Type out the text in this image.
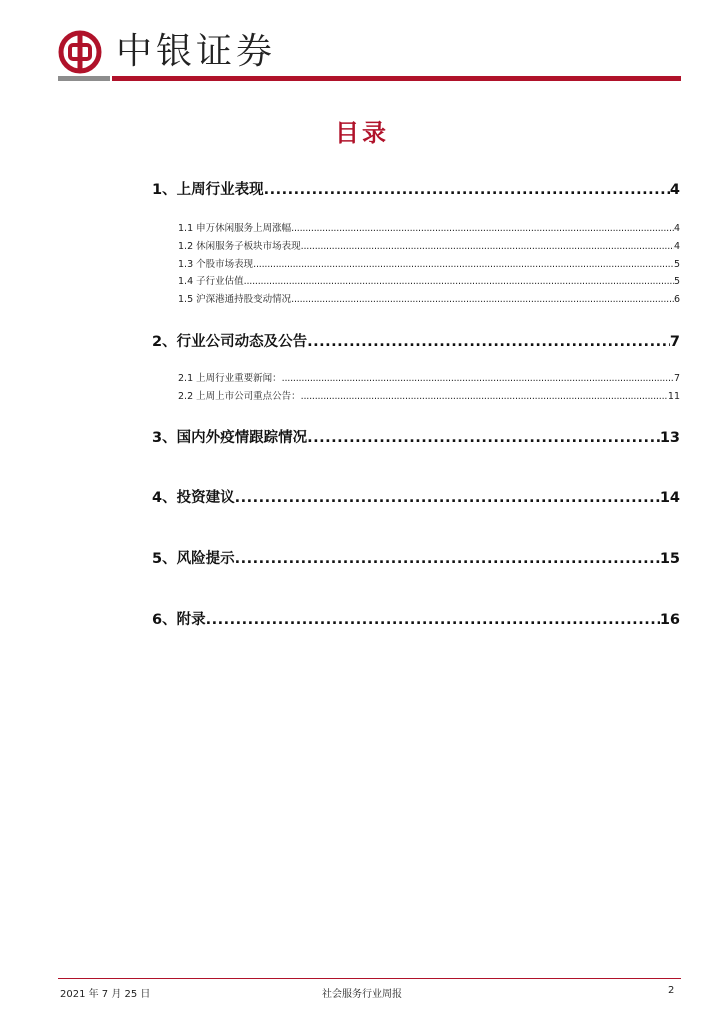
中银证券
目录
1、上周行业表现 .....	4
1.1 申万休闲服务上周涨幅 .....	4
1.2 休闲服务子板块市场表现 .....	4
1.3 个股市场表现 .....	5
1.4 子行业估值 .....	5
1.5 沪深港通持股变动情况 .....	6
2、行业公司动态及公告 .....	7
2.1 上周行业重要新闻： .....	7
2.2 上周上市公司重点公告： .....	11
3、国内外疫情跟踪情况 .....	13
4、投资建议 .....	14
5、风险提示 .....	15
6、附录 .....	16
2021 年 7 月 25 日	社会服务行业周报	2
